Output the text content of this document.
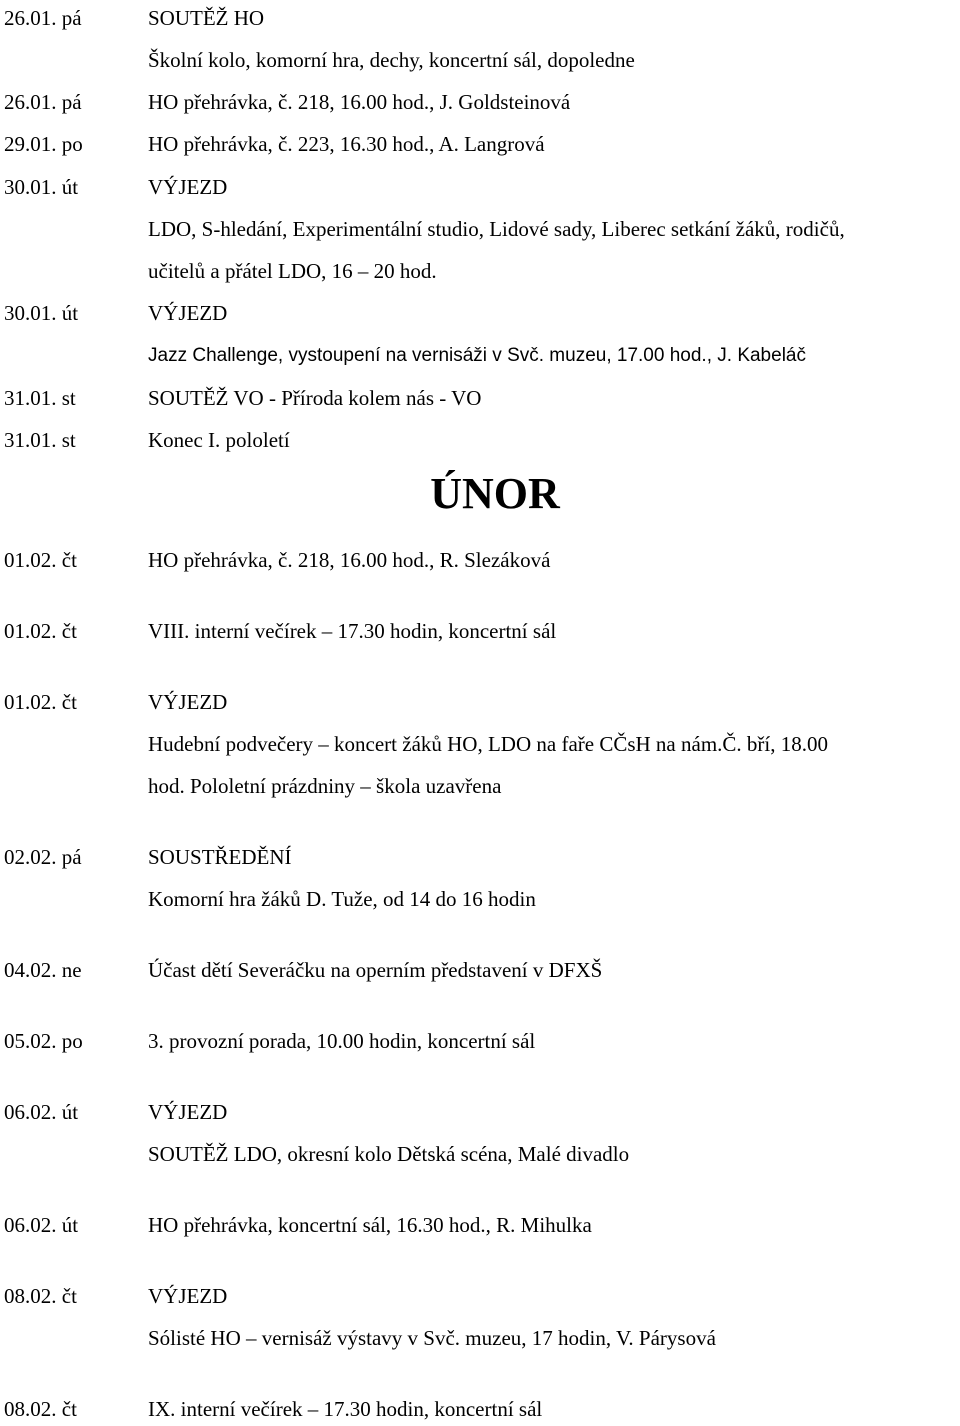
26.01. pá	SOUTĚŽ HO
Školní kolo, komorní hra, dechy, koncertní sál, dopoledne
26.01. pá	HO přehrávka, č. 218, 16.00 hod., J. Goldsteinová
29.01. po	HO přehrávka, č. 223, 16.30 hod., A. Langrová
30.01. út	VÝJEZD
LDO, S-hledání, Experimentální studio, Lidové sady, Liberec setkání žáků, rodičů,
učitelů a přátel LDO, 16 – 20 hod.
30.01. út	VÝJEZD
Jazz Challenge, vystoupení na vernisáži v Svč. muzeu, 17.00 hod., J. Kabeláč
31.01. st	SOUTĚŽ VO - Příroda kolem nás - VO
31.01. st	Konec I. pololetí
ÚNOR
01.02. čt	HO přehrávka, č. 218, 16.00 hod., R. Slezáková
01.02. čt	VIII. interní večírek – 17.30 hodin, koncertní sál
01.02. čt	VÝJEZD
Hudební podvečery – koncert žáků HO, LDO na faře CČsH na nám.Č. bří, 18.00
hod. Pololetní prázdniny – škola uzavřena
02.02. pá	SOUSTŘEDĚNÍ
Komorní hra žáků D. Tuže, od 14 do 16 hodin
04.02. ne	Účast dětí Severáčku na operním představení v DFXŠ
05.02. po	3. provozní porada, 10.00 hodin, koncertní sál
06.02. út	VÝJEZD
SOUTĚŽ LDO, okresní kolo Dětská scéna, Malé divadlo
06.02. út	HO přehrávka, koncertní sál, 16.30 hod., R. Mihulka
08.02. čt	VÝJEZD
Sólisté HO – vernisáž výstavy v Svč. muzeu, 17 hodin, V. Párysová
08.02. čt	IX. interní večírek – 17.30 hodin, koncertní sál
